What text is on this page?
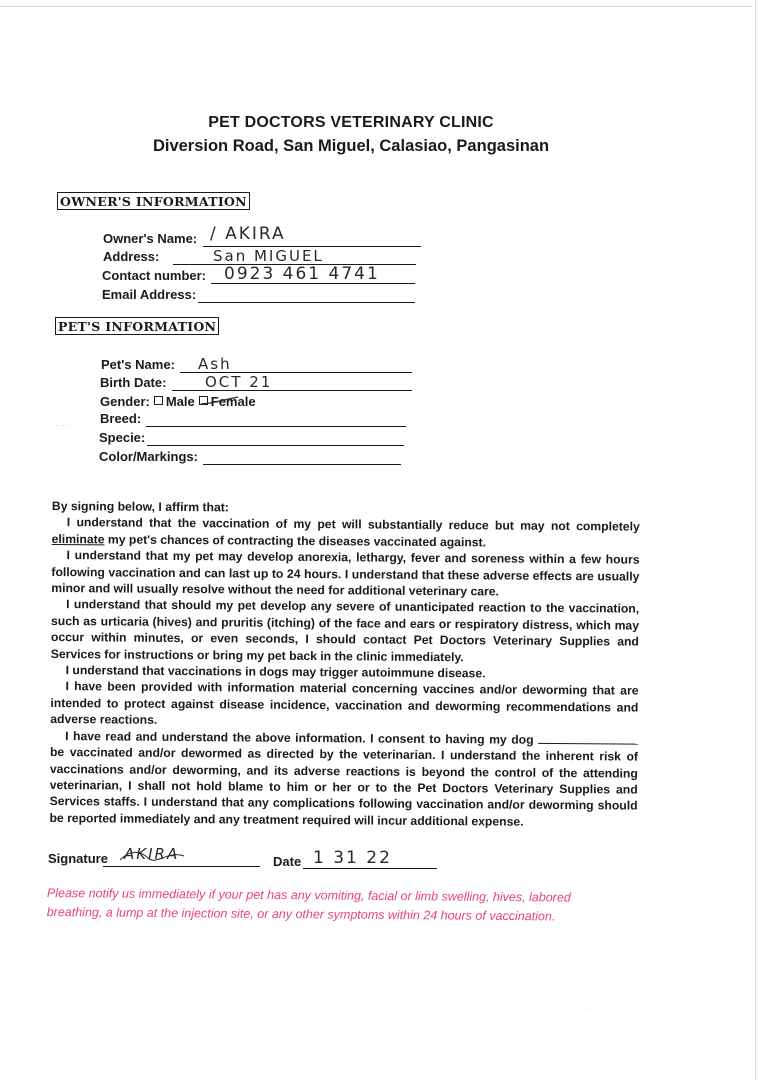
PET DOCTORS VETERINARY CLINIC
Diversion Road, San Miguel, Calasiao, Pangasinan
OWNER'S INFORMATION
Owner's Name: / AKIRA
Address:	San MIGUEL
Contact number: 0923 461 4741
Email Address:
PET'S INFORMATION
Pet's Name: Ash
Birth Date:	OCT 21
Gender: Male Female
Breed:
Specie:
Color/Markings:
- ·· ·

By signing below, I affirm that:

I understand that the vaccination of my pet will substantially reduce but may not completely eliminate my pet's chances of contracting the diseases vaccinated against.

I understand that my pet may develop anorexia, lethargy, fever and soreness within a few hours following vaccination and can last up to 24 hours. I understand that these adverse effects are usually minor and will usually resolve without the need for additional veterinary care.

I understand that should my pet develop any severe of unanticipated reaction to the vaccination, such as urticaria (hives) and pruritis (itching) of the face and ears or respiratory distress, which may occur within minutes, or even seconds, I should contact Pet Doctors Veterinary Supplies and Services for instructions or bring my pet back in the clinic immediately.

I understand that vaccinations in dogs may trigger autoimmune disease.

I have been provided with information material concerning vaccines and/or deworming that are intended to protect against disease incidence, vaccination and deworming recommendations and adverse reactions.

I have read and understand the above information. I consent to having my dog  be vaccinated and/or dewormed as directed by the veterinarian. I understand the inherent risk of vaccinations and/or deworming, and its adverse reactions is beyond the control of the attending veterinarian, I shall not hold blame to him or her or to the Pet Doctors Veterinary Supplies and Services staffs. I understand that any complications following vaccination and/or deworming should be reported immediately and any treatment required will incur additional expense.

Signature AKIRA	Date 1 31 22
Please notify us immediately if your pet has any vomiting, facial or limb swelling, hives, labored breathing, a lump at the injection site, or any other symptoms within 24 hours of vaccination.
·
·
